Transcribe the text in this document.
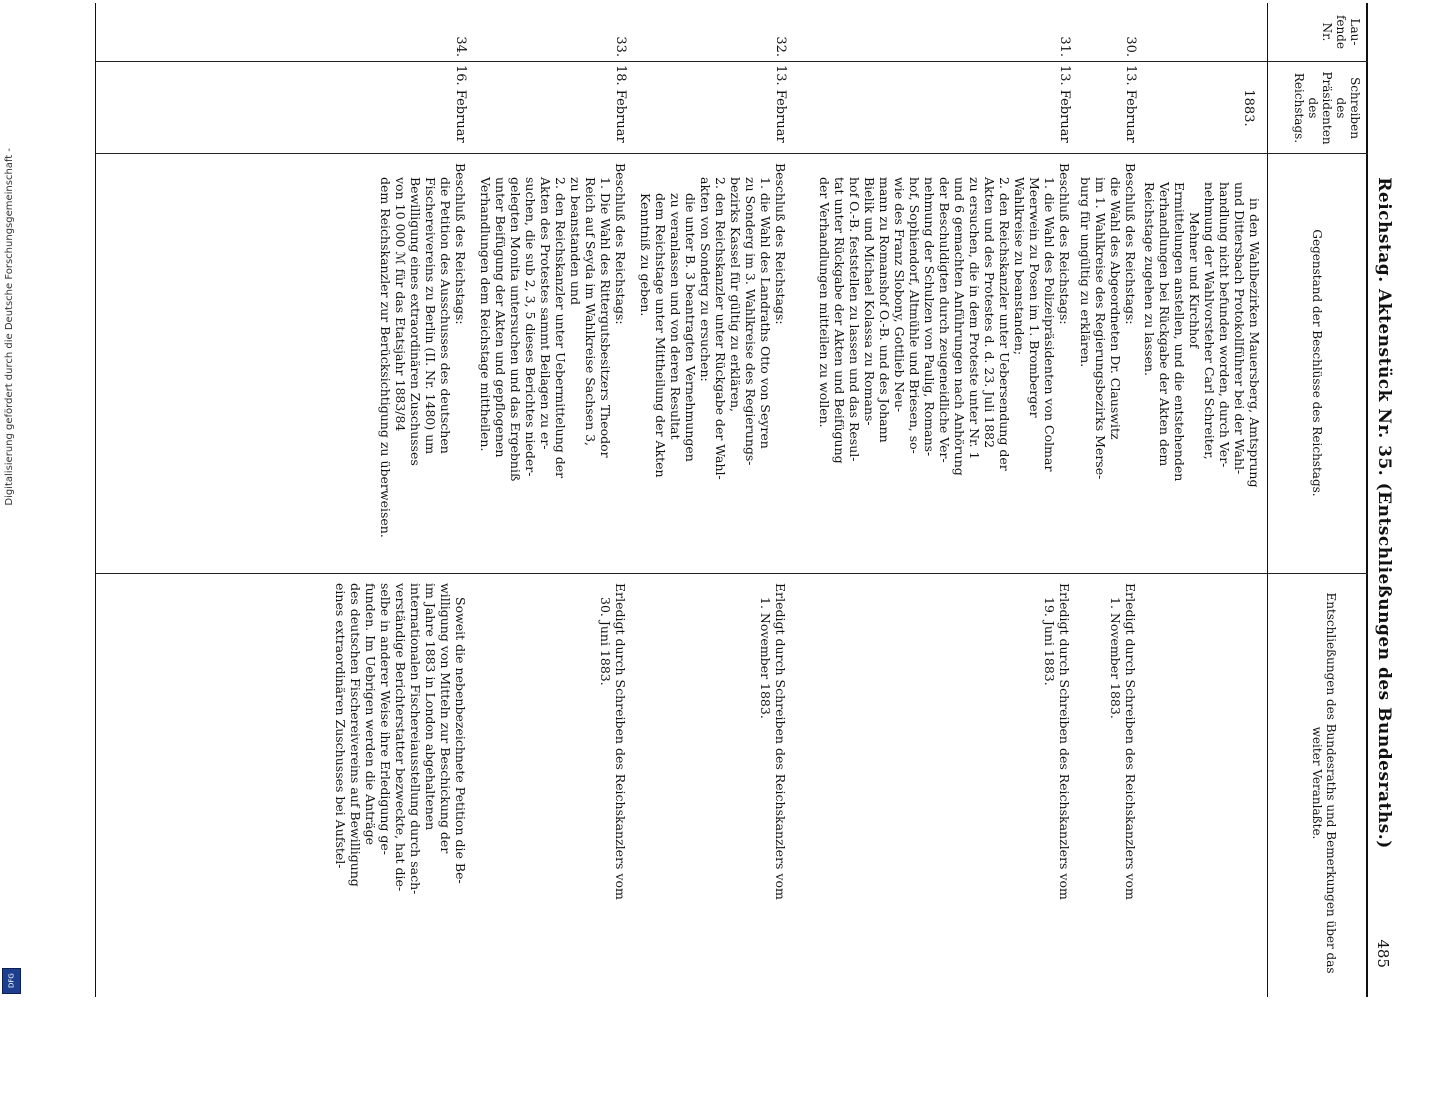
Digitalisierung gefördert durch die Deutsche Forschungsgemeinschaft -
DFG
Reichstag. Aktenstück Nr. 35. (Entschließungen des Bundesraths.)
485
Lau- fende Nr.
Schreiben des Präsidenten des Reichstags.
Gegenstand der Beschlüsse des Reichstags.
Entschließungen des Bundesraths und Bemerkungen über das weiter Veranlaßte.
1883.

in den Wahlbezirken Mauersberg, Amtsprung

und Dittersbach Protokollführer bei der Wahl-

handlung nicht befunden worden, durch Ver-

nehmung der Wahlvorsteher Carl Schreiter,

Mehner und Kirchhof

Ermittelungen anstellen, und die entstehenden

Verhandlungen bei Rückgabe der Akten dem

Reichstage zugehen zu lassen.

30.
13. Februar

Beschluß des Reichstags:

die Wahl des Abgeordneten Dr. Clauswitz

im 1. Wahlkreise des Regierungsbezirks Merse-

burg für ungültig zu erklären.

Erledigt durch Schreiben des Reichskanzlers vom

1. November 1883.

31.
13. Februar

Beschluß des Reichstags:

1. die Wahl des Polizeipräsidenten von Colmar

Meerwein zu Posen im 1. Bromberger

Wahlkreise zu beanstanden;

2. den Reichskanzler unter Uebersendung der

Akten und des Protestes d. d. 23. Juli 1882

zu ersuchen, die in dem Proteste unter Nr. 1

und 6 gemachten Anführungen nach Anhörung

der Beschuldigten durch zeugeneidliche Ver-

nehmung der Schulzen von Paulig, Romans-

hof, Sophiendorf, Altmühle und Briesen, so-

wie des Franz Slobony, Gottlieb Neu-

mann zu Romanshof O.-B. und des Johann

Bielik und Michael Kolassa zu Romans-

hof O.-B. feststellen zu lassen und das Resul-

tat unter Rückgabe der Akten und Beifügung

der Verhandlungen mitteilen zu wollen.

Erledigt durch Schreiben des Reichskanzlers vom

19. Juni 1883.

32.
13. Februar

Beschluß des Reichstags:

1. die Wahl des Landraths Otto von Seyren

zu Sonderg im 3. Wahlkreise des Regierungs-

bezirks Kassel für gültig zu erklären,

2. den Reichskanzler unter Rückgabe der Wahl-

akten von Sonderg zu ersuchen:

die unter B. 3 beantragten Vernehmungen

zu veranlassen und von deren Resultat

dem Reichstage unter Mittheilung der Akten

Kenntniß zu geben.

Erledigt durch Schreiben des Reichskanzlers vom

1. November 1883.

33.
18. Februar

Beschluß des Reichstags:

1. Die Wahl des Rittergutsbesitzers Theodor

Reich auf Seyda im Wahlkreise Sachsen 3,

zu beanstanden und

2. den Reichskanzler unter Uebermittelung der

Akten des Protestes sammt Beilagen zu er-

suchen, die sub 2, 3, 5 dieses Berichtes nieder-

gelegten Monita untersuchen und das Ergebniß

unter Beifügung der Akten und gepflogenen

Verhandlungen dem Reichstage mittheilen.

Erledigt durch Schreiben des Reichskanzlers vom

30. Juni 1883.

34.
16. Februar

Beschluß des Reichstags:

die Petition des Ausschusses des deutschen

Fischereivereins zu Berlin (II. Nr. 1480) um

Bewilligung eines extraordinären Zuschusses

von 10 000 ℳ für das Etatsjahr 1883/84

dem Reichskanzler zur Berücksichtigung zu überweisen.

Soweit die nebenbezeichnete Petition die Be-

willigung von Mitteln zur Beschickung der

im Jahre 1883 in London abgehaltenen

internationalen Fischereiausstellung durch sach-

verständige Berichterstatter bezweckte, hat die-

selbe in anderer Weise ihre Erledigung ge-

funden. Im Uebrigen werden die Anträge

des deutschen Fischereivereins auf Bewilligung

eines extraordinären Zuschusses bei Aufstel-
